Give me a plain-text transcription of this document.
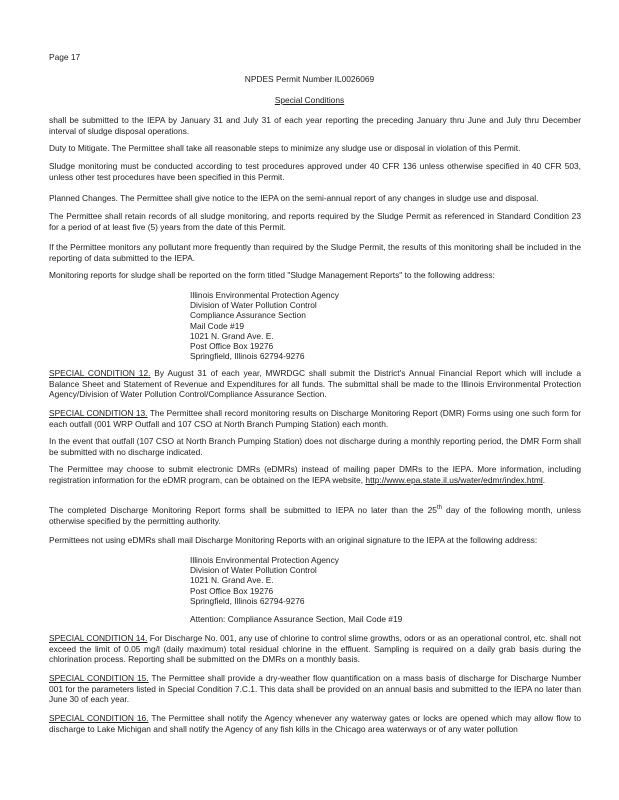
Page 17
NPDES Permit Number IL0026069
Special Conditions

shall be submitted to the IEPA by January 31 and July 31 of each year reporting the preceding January thru June and July thru December interval of sludge disposal operations.

Duty to Mitigate. The Permittee shall take all reasonable steps to minimize any sludge use or disposal in violation of this Permit.

Sludge monitoring must be conducted according to test procedures approved under 40 CFR 136 unless otherwise specified in 40 CFR 503, unless other test procedures have been specified in this Permit.

Planned Changes. The Permittee shall give notice to the IEPA on the semi-annual report of any changes in sludge use and disposal.

The Permittee shall retain records of all sludge monitoring, and reports required by the Sludge Permit as referenced in Standard Condition 23 for a period of at least five (5) years from the date of this Permit.

If the Permittee monitors any pollutant more frequently than required by the Sludge Permit, the results of this monitoring shall be included in the reporting of data submitted to the IEPA.

Monitoring reports for sludge shall be reported on the form titled "Sludge Management Reports" to the following address:

Illinois Environmental Protection Agency
Division of Water Pollution Control
Compliance Assurance Section
Mail Code #19
1021 N. Grand Ave. E.
Post Office Box 19276
Springfield, Illinois 62794-9276

SPECIAL CONDITION 12. By August 31 of each year, MWRDGC shall submit the District's Annual Financial Report which will include a Balance Sheet and Statement of Revenue and Expenditures for all funds. The submittal shall be made to the Illinois Environmental Protection Agency/Division of Water Pollution Control/Compliance Assurance Section.

SPECIAL CONDITION 13. The Permittee shall record monitoring results on Discharge Monitoring Report (DMR) Forms using one such form for each outfall (001 WRP Outfall and 107 CSO at North Branch Pumping Station) each month.

In the event that outfall (107 CSO at North Branch Pumping Station) does not discharge during a monthly reporting period, the DMR Form shall be submitted with no discharge indicated.

The Permittee may choose to submit electronic DMRs (eDMRs) instead of mailing paper DMRs to the IEPA. More information, including registration information for the eDMR program, can be obtained on the IEPA website, http://www.epa.state.il.us/water/edmr/index.html.

The completed Discharge Monitoring Report forms shall be submitted to IEPA no later than the 25th day of the following month, unless otherwise specified by the permitting authority.

Permittees not using eDMRs shall mail Discharge Monitoring Reports with an original signature to the IEPA at the following address:

Illinois Environmental Protection Agency
Division of Water Pollution Control
1021 N. Grand Ave. E.
Post Office Box 19276
Springfield, Illinois 62794-9276
Attention: Compliance Assurance Section, Mail Code #19

SPECIAL CONDITION 14. For Discharge No. 001, any use of chlorine to control slime growths, odors or as an operational control, etc. shall not exceed the limit of 0.05 mg/l (daily maximum) total residual chlorine in the effluent. Sampling is required on a daily grab basis during the chlorination process. Reporting shall be submitted on the DMRs on a monthly basis.

SPECIAL CONDITION 15. The Permittee shall provide a dry-weather flow quantification on a mass basis of discharge for Discharge Number 001 for the parameters listed in Special Condition 7.C.1. This data shall be provided on an annual basis and submitted to the IEPA no later than June 30 of each year.

SPECIAL CONDITION 16. The Permittee shall notify the Agency whenever any waterway gates or locks are opened which may allow flow to discharge to Lake Michigan and shall notify the Agency of any fish kills in the Chicago area waterways or of any water pollution
